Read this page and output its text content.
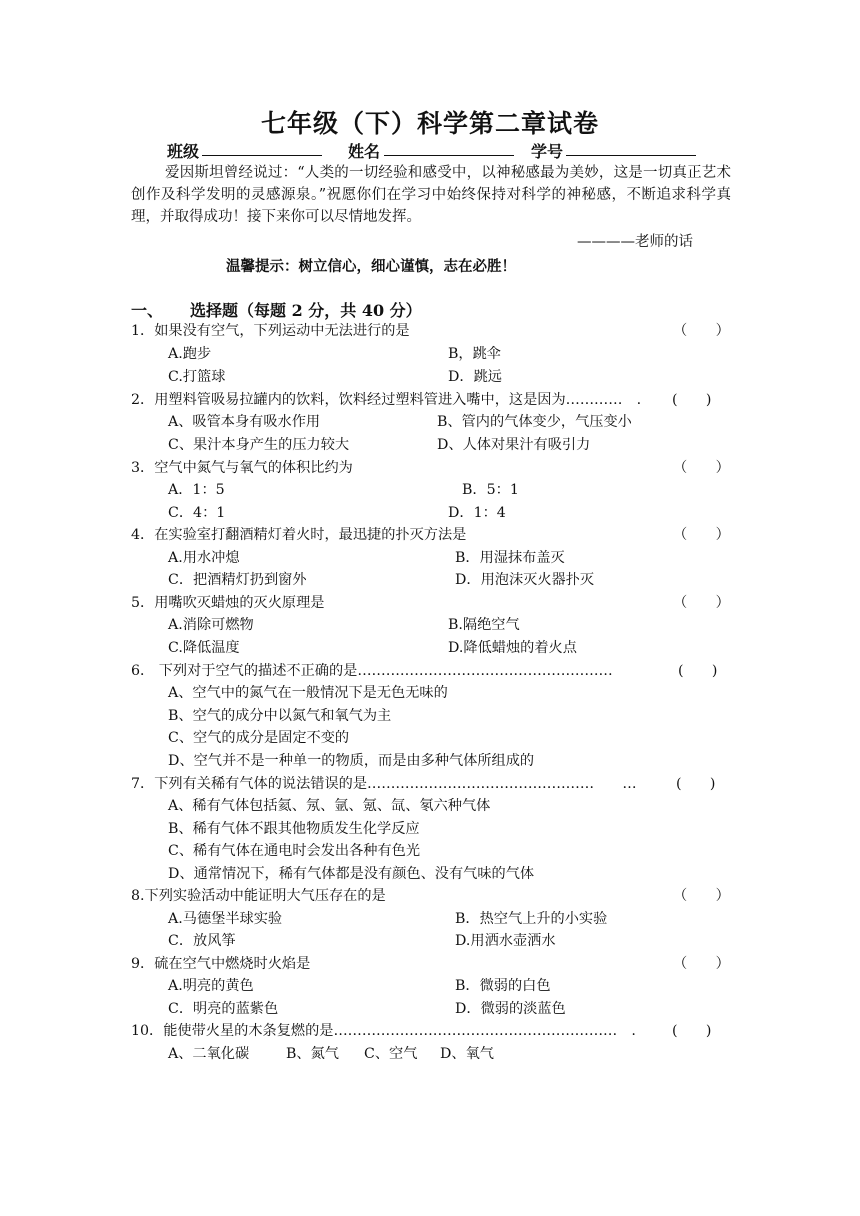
七年级（下）科学第二章试卷
班级	姓名	学号
爱因斯坦曾经说过：“人类的一切经验和感受中，以神秘感最为美妙，这是一切真正艺术创作及科学发明的灵感源泉。”祝愿你们在学习中始终保持对科学的神秘感，不断追求科学真理，并取得成功！接下来你可以尽情地发挥。
————老师的话
温馨提示：树立信心，细心谨慎，志在必胜！
一、 选择题（每题 2 分，共 40 分）
1．如果没有空气，下列运动中无法进行的是	（　　）
A.跑步	B，跳伞
C.打篮球	D．跳远
2．用塑料管吸易拉罐内的饮料，饮料经过塑料管进入嘴中，这是因为…………　. (　　)
A、吸管本身有吸水作用	B、管内的气体变少，气压变小
C、果汁本身产生的压力较大	D、人体对果汁有吸引力
3．空气中氮气与氧气的体积比约为	（　　）
A．1：5	B．5：1
C．4：1	D．1：4
4．在实验室打翻酒精灯着火时，最迅捷的扑灭方法是	（　　）
A.用水冲熄	B．用湿抹布盖灭
C．把酒精灯扔到窗外	D．用泡沫灭火器扑灭
5．用嘴吹灭蜡烛的灭火原理是	（　　）
A.消除可燃物	B.隔绝空气
C.降低温度	D.降低蜡烛的着火点
6． 下列对于空气的描述不正确的是………………………………………………	(　　)
A、空气中的氮气在一般情况下是无色无味的
B、空气的成分中以氮气和氧气为主
C、空气的成分是固定不变的
D、空气并不是一种单一的物质，而是由多种气体所组成的
7．下列有关稀有气体的说法错误的是…………………………………………　　…	(　　)
A、稀有气体包括氦、氖、氩、氪、氙、氡六种气体
B、稀有气体不跟其他物质发生化学反应
C、稀有气体在通电时会发出各种有色光
D、通常情况下，稀有气体都是没有颜色、没有气味的气体
8.下列实验活动中能证明大气压存在的是	（　　）
A.马德堡半球实验	B．热空气上升的小实验
C．放风筝	D.用洒水壶洒水
9．硫在空气中燃烧时火焰是	（　　）
A.明亮的黄色	B．微弱的白色
C．明亮的蓝紫色	D．微弱的淡蓝色
10．能使带火星的木条复燃的是……………………………………………………　.	(　　)
A、二氧化碳	B、氮气 C、空气 D、氧气
